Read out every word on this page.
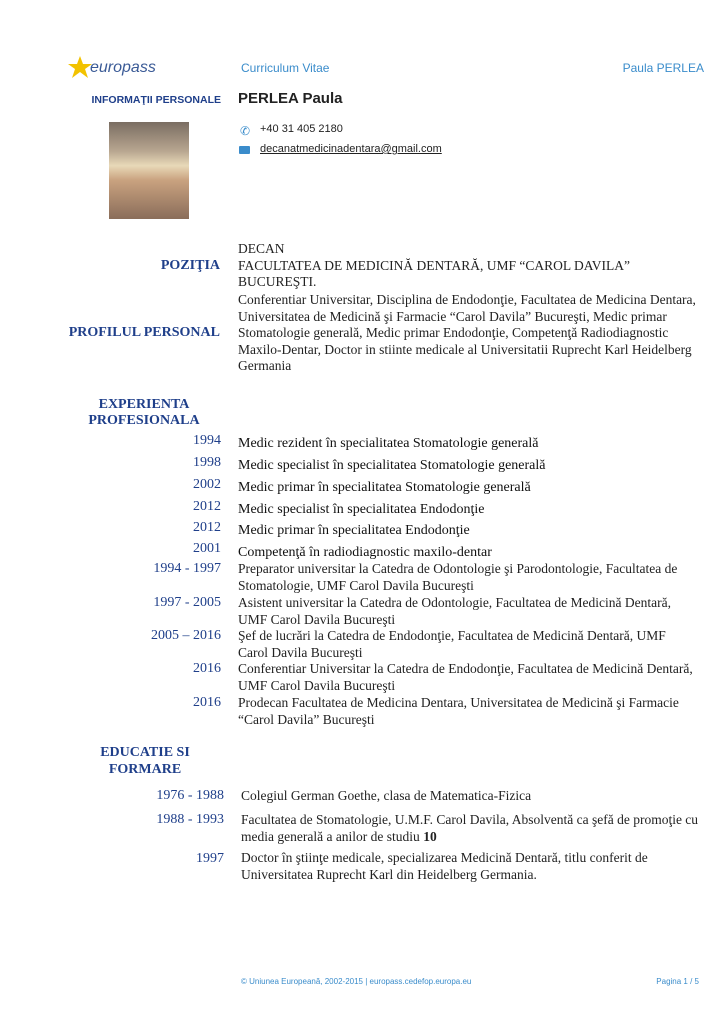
europass	Curriculum Vitae	Paula PERLEA
INFORMAŢII PERSONALE PERLEA Paula
✆ +40 31 405 2180
decanatmedicinadentara@gmail.com
POZIŢIA
DECAN
FACULTATEA DE MEDICINĂ DENTARĂ, UMF “CAROL DAVILA”
BUCUREŞTI.
PROFILUL PERSONAL
Conferentiar Universitar, Disciplina de Endodonţie, Facultatea de Medicina Dentara, Universitatea de Medicină şi Farmacie “Carol Davila” Bucureşti, Medic primar Stomatologie generală, Medic primar Endodonţie, Competenţă Radiodiagnostic Maxilo-Dentar, Doctor in stiinte medicale al Universitatii Ruprecht Karl Heidelberg Germania
EXPERIENTA PROFESIONALA
1994 Medic rezident în specialitatea Stomatologie generală
1998 Medic specialist în specialitatea Stomatologie generală
2002 Medic primar în specialitatea Stomatologie generală
2012 Medic specialist în specialitatea Endodonţie
2012 Medic primar în specialitatea Endodonţie
2001 Competenţă în radiodiagnostic maxilo-dentar
1994 - 1997 Preparator universitar la Catedra de Odontologie şi Parodontologie, Facultatea de Stomatologie, UMF Carol Davila Bucureşti
1997 - 2005 Asistent universitar la Catedra de Odontologie, Facultatea de Medicină Dentară, UMF Carol Davila Bucureşti
2005 – 2016 Şef de lucrări la Catedra de Endodonţie, Facultatea de Medicină Dentară, UMF Carol Davila Bucureşti
2016 Conferentiar Universitar la Catedra de Endodonţie, Facultatea de Medicină Dentară, UMF Carol Davila Bucureşti
2016 Prodecan Facultatea de Medicina Dentara, Universitatea de Medicină şi Farmacie “Carol Davila” Bucureşti
EDUCATIE SI FORMARE
1976 - 1988 Colegiul German Goethe, clasa de Matematica-Fizica
1988 - 1993 Facultatea de Stomatologie, U.M.F. Carol Davila, Absolventă ca şefă de promoţie cu media generală a anilor de studiu 10
1997 Doctor în ştiinţe medicale, specializarea Medicină Dentară, titlu conferit de Universitatea Ruprecht Karl din Heidelberg Germania.
© Uniunea Europeană, 2002-2015 | europass.cedefop.europa.eu	Pagina 1 / 5
